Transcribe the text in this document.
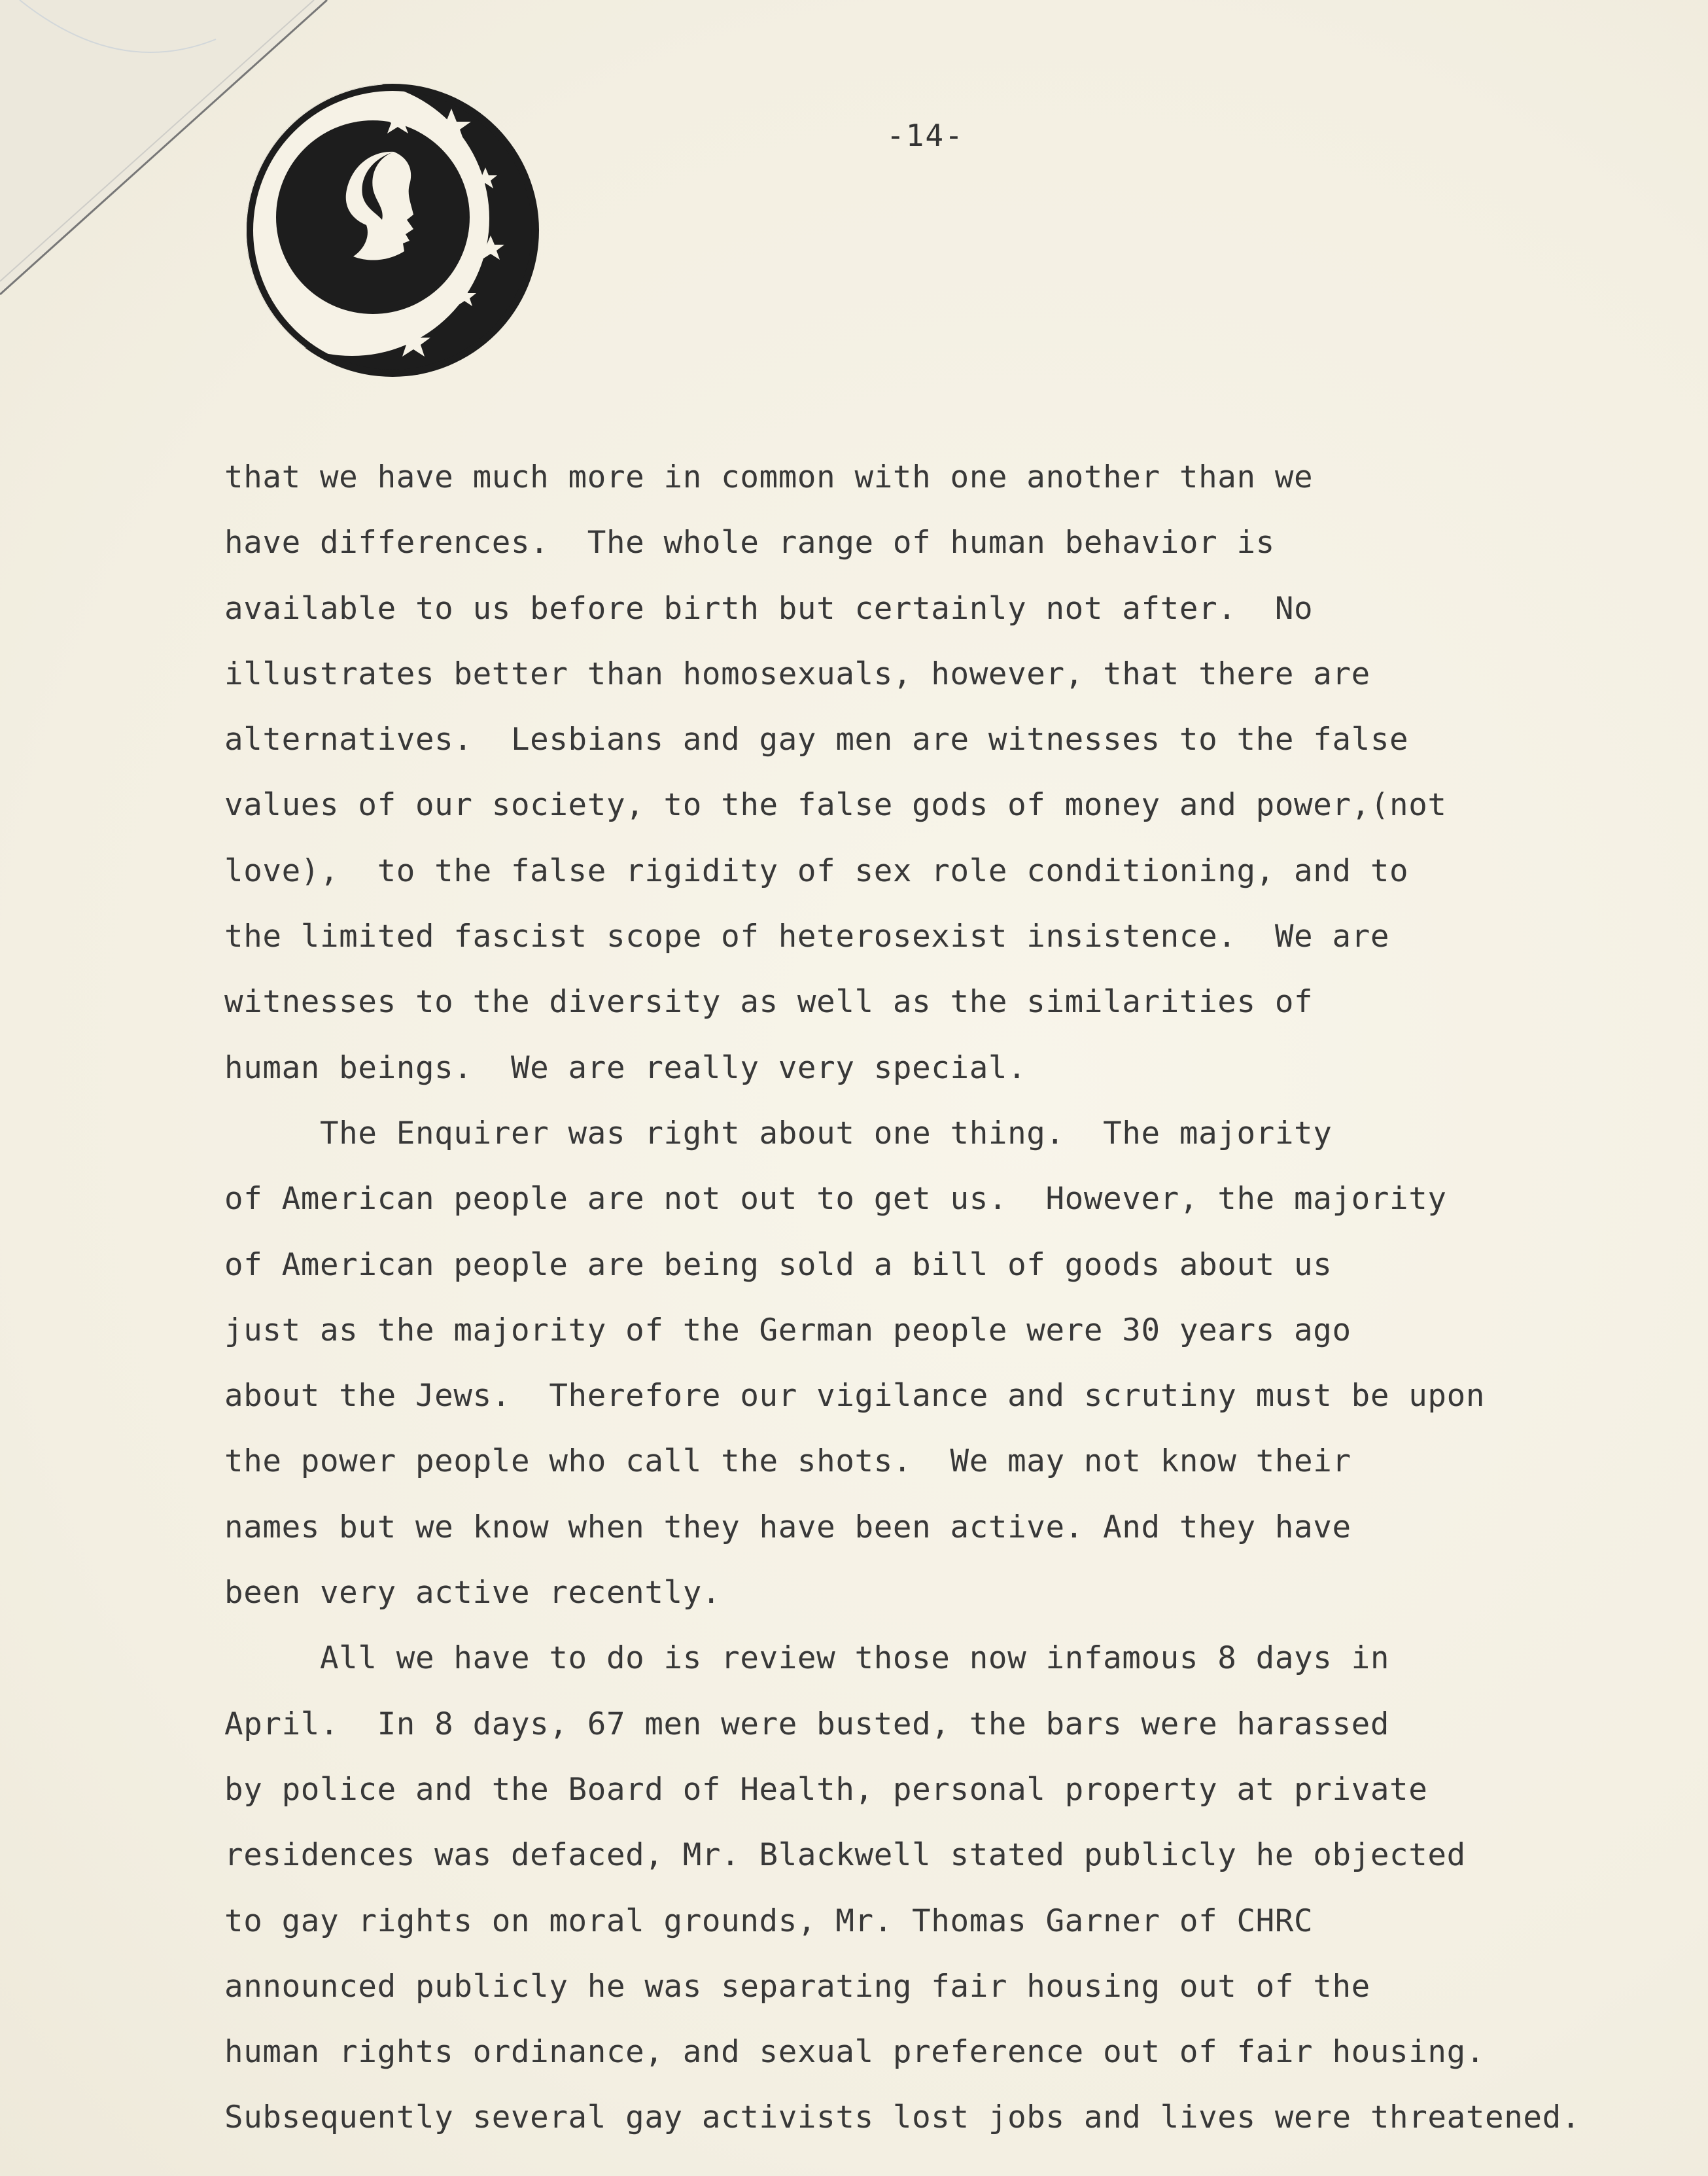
-14-
that we have much more in common with one another than we
have differences.  The whole range of human behavior is
available to us before birth but certainly not after.  No
illustrates better than homosexuals, however, that there are
alternatives.  Lesbians and gay men are witnesses to the false
values of our society, to the false gods of money and power,(not
love),  to the false rigidity of sex role conditioning, and to
the limited fascist scope of heterosexist insistence.  We are
witnesses to the diversity as well as the similarities of
human beings.  We are really very special.
The Enquirer was right about one thing.  The majority
of American people are not out to get us.  However, the majority
of American people are being sold a bill of goods about us
just as the majority of the German people were 30 years ago
about the Jews.  Therefore our vigilance and scrutiny must be upon
the power people who call the shots.  We may not know their
names but we know when they have been active. And they have
been very active recently.
All we have to do is review those now infamous 8 days in
April.  In 8 days, 67 men were busted, the bars were harassed
by police and the Board of Health, personal property at private
residences was defaced, Mr. Blackwell stated publicly he objected
to gay rights on moral grounds, Mr. Thomas Garner of CHRC
announced publicly he was separating fair housing out of the
human rights ordinance, and sexual preference out of fair housing.
Subsequently several gay activists lost jobs and lives were threatened.
